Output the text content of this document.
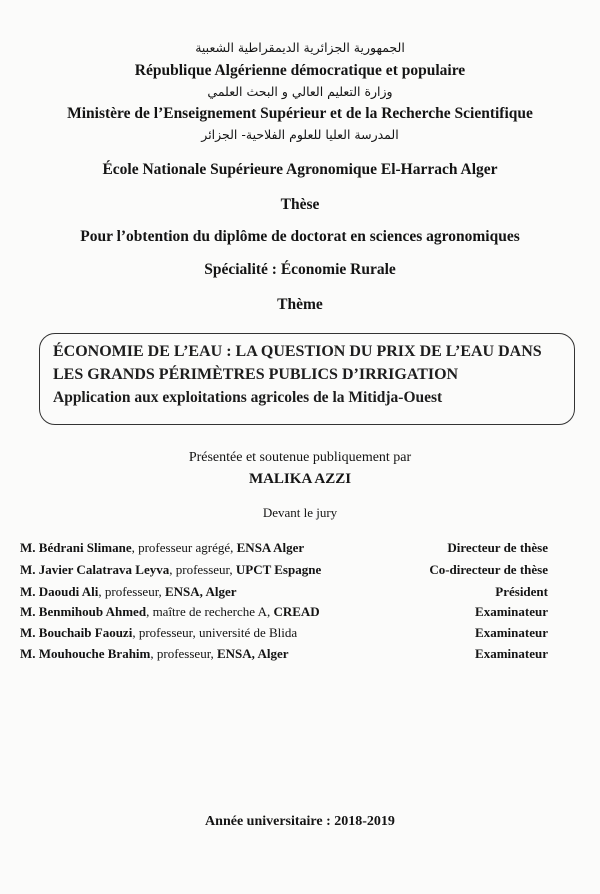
الجمهورية الجزائرية الديمقراطية الشعبية
République Algérienne démocratique et populaire
وزارة التعليم العالي و البحث العلمي
Ministère de l’Enseignement Supérieur et de la Recherche Scientifique
المدرسة العليا للعلوم الفلاحية- الجزائر
École Nationale Supérieure Agronomique El-Harrach Alger
Thèse
Pour l’obtention du diplôme de doctorat en sciences agronomiques
Spécialité : Économie Rurale
Thème
ÉCONOMIE DE L’EAU : LA QUESTION DU PRIX DE L’EAU DANS
LES GRANDS PÉRIMÈTRES PUBLICS D’IRRIGATION
Application aux exploitations agricoles de la Mitidja-Ouest
Présentée et soutenue publiquement par
MALIKA AZZI
Devant le jury
M. Bédrani Slimane, professeur agrégé, ENSA Alger	Directeur de thèse
M. Javier Calatrava Leyva, professeur, UPCT Espagne	Co-directeur de thèse
M. Daoudi Ali, professeur, ENSA, Alger	Président
M. Benmihoub Ahmed, maître de recherche A, CREAD	Examinateur
M. Bouchaib Faouzi, professeur, université de Blida	Examinateur
M. Mouhouche Brahim, professeur, ENSA, Alger	Examinateur
Année universitaire : 2018-2019
